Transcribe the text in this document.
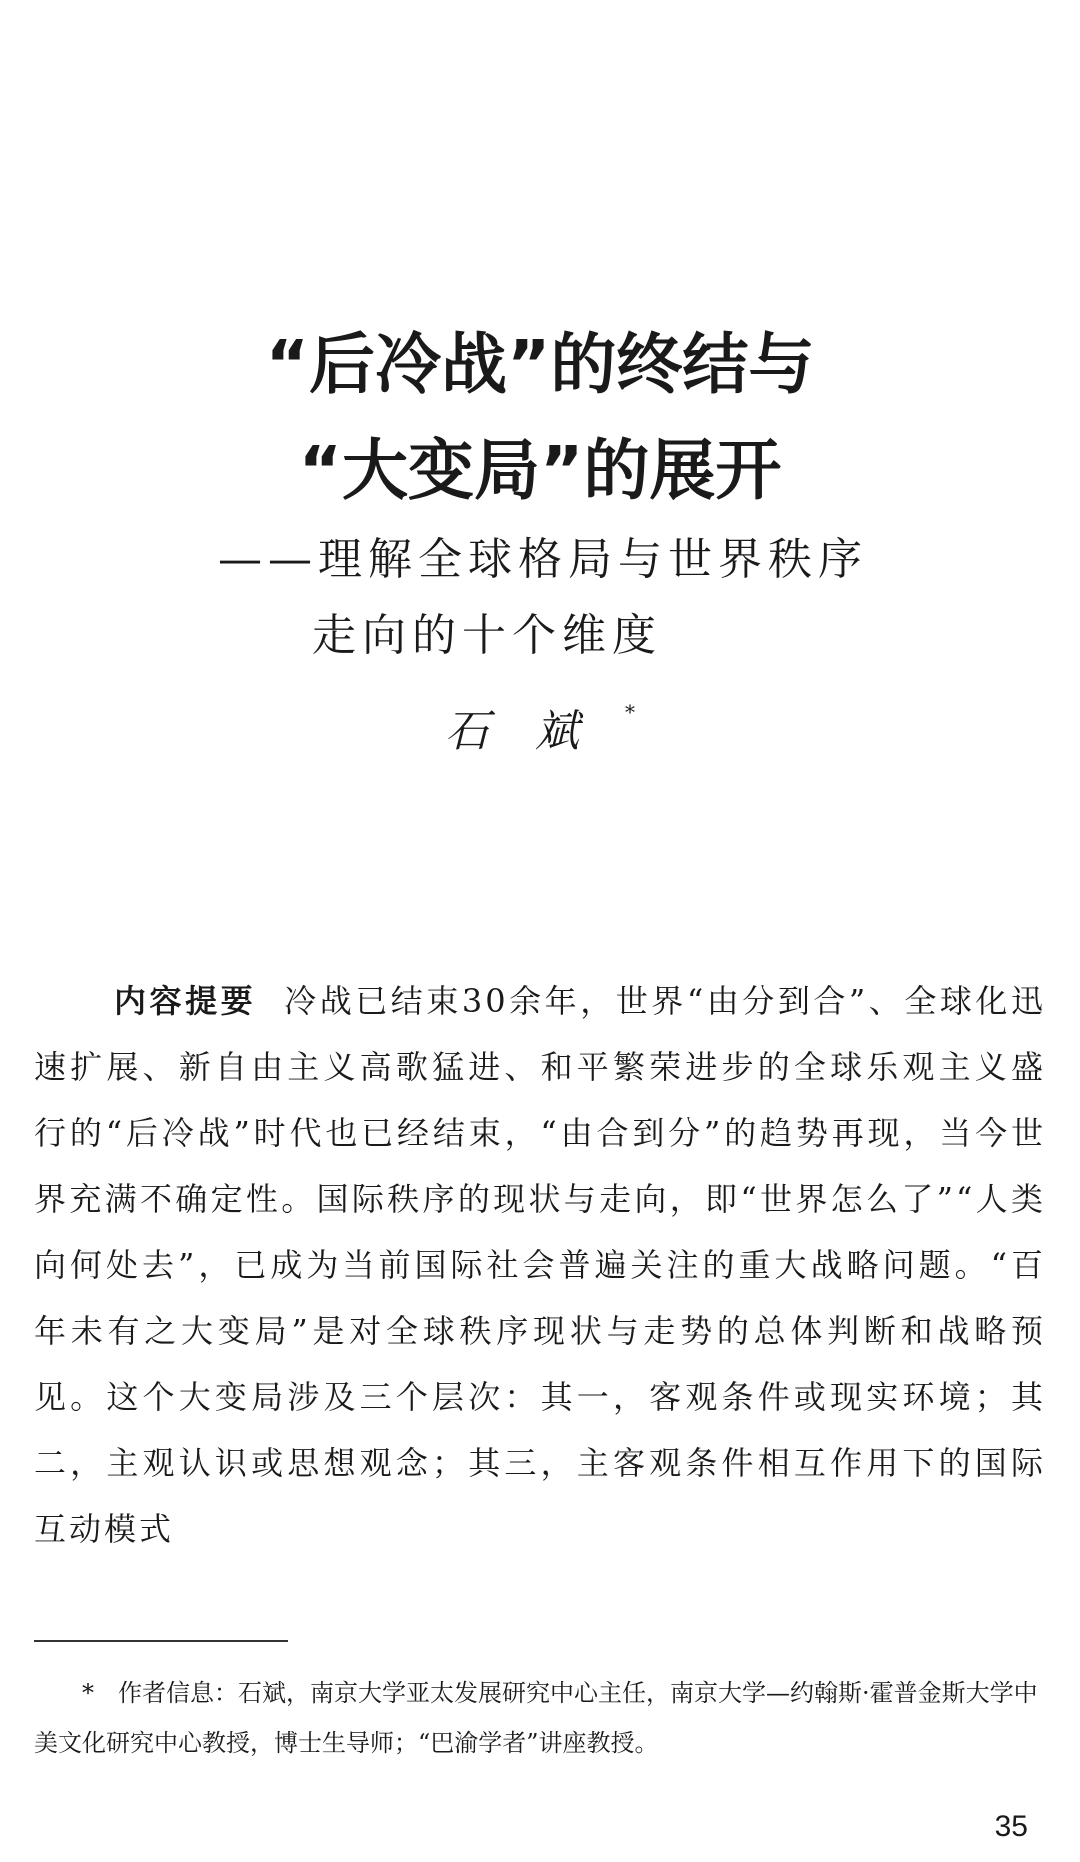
“后冷战”的终结与
“大变局”的展开
——理解全球格局与世界秩序
走向的十个维度
石斌*

内容提要 冷战已结束30余年，世界“由分到合”、全球化迅速扩展、新自由主义高歌猛进、和平繁荣进步的全球乐观主义盛行的“后冷战”时代也已经结束，“由合到分”的趋势再现，当今世界充满不确定性。国际秩序的现状与走向，即“世界怎么了”“人类向何处去”，已成为当前国际社会普遍关注的重大战略问题。“百年未有之大变局”是对全球秩序现状与走势的总体判断和战略预见。这个大变局涉及三个层次：其一，客观条件或现实环境；其二，主观认识或思想观念；其三，主客观条件相互作用下的国际互动模式

* 作者信息：石斌，南京大学亚太发展研究中心主任，南京大学—约翰斯·霍普金斯大学中美文化研究中心教授，博士生导师；“巴渝学者”讲座教授。

35
